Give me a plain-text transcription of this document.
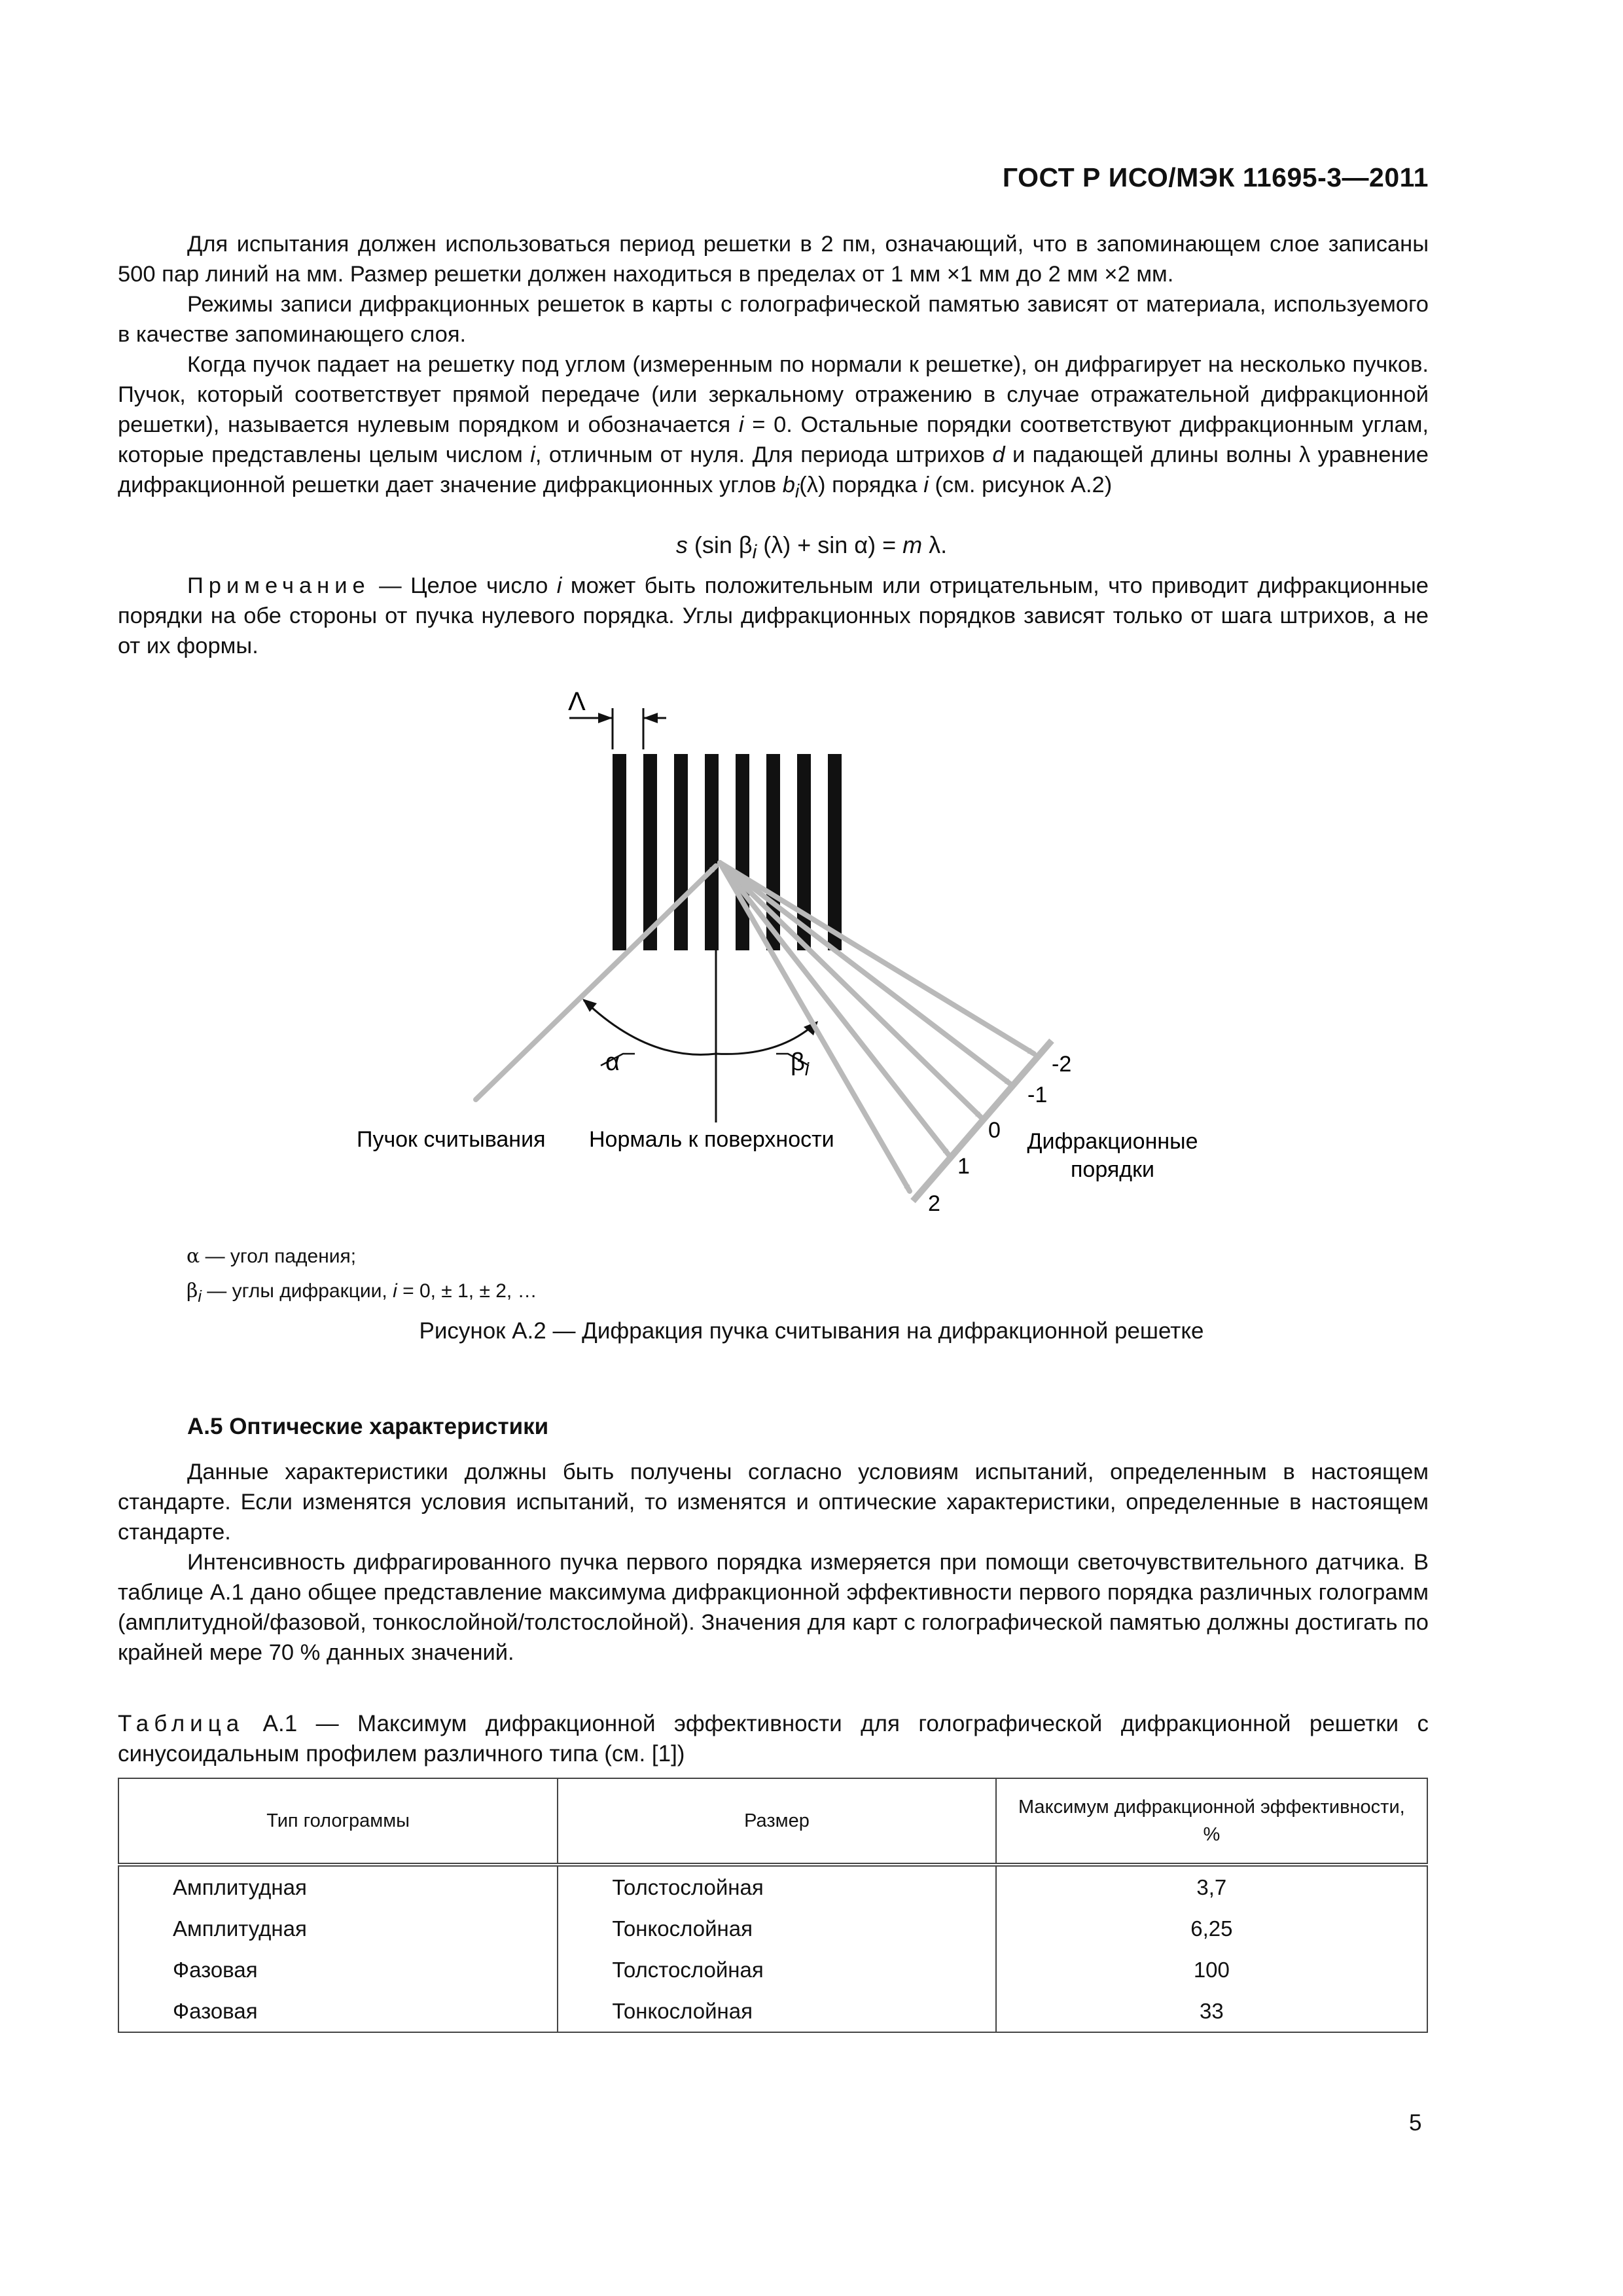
ГОСТ Р ИСО/МЭК 11695-3—2011

Для испытания должен использоваться период решетки в 2 пм, означающий, что в запоминающем слое записаны 500 пар линий на мм. Размер решетки должен находиться в пределах от 1 мм ×1 мм до 2 мм ×2 мм.

Режимы записи дифракционных решеток в карты с голографической памятью зависят от материала, используемого в качестве запоминающего слоя.

Когда пучок падает на решетку под углом (измеренным по нормали к решетке), он дифрагирует на несколько пучков. Пучок, который соответствует прямой передаче (или зеркальному отражению в случае отражательной дифракционной решетки), называется нулевым порядком и обозначается i = 0. Остальные порядки соответствуют дифракционным углам, которые представлены целым числом i, отличным от нуля. Для периода штрихов d и падающей длины волны λ уравнение дифракционной решетки дает значение дифракционных углов $b_i(\lambda)$ порядка i (см. рисунок А.2)

s (sin $\beta_i$ (λ) + sin α) = m λ.

Примечание — Целое число i может быть положительным или отрицательным, что приводит дифракционные порядки на обе стороны от пучка нулевого порядка. Углы дифракционных порядков зависят только от шага штрихов, а не от их формы.

Λ
α	$\beta_i$	-2
-1
0
1
2
Пучок считывания Нормаль к поверхности	Дифракционные
порядки
α — угол падения;
$\beta_i$ — углы дифракции, i = 0, ± 1, ± 2, …
Рисунок А.2 — Дифракция пучка считывания на дифракционной решетке
А.5 Оптические характеристики

Данные характеристики должны быть получены согласно условиям испытаний, определенным в настоящем стандарте. Если изменятся условия испытаний, то изменятся и оптические характеристики, определенные в настоящем стандарте.

Интенсивность дифрагированного пучка первого порядка измеряется при помощи светочувствительного датчика. В таблице А.1 дано общее представление максимума дифракционной эффективности первого порядка различных голограмм (амплитудной/фазовой, тонкослойной/толстослойной). Значения для карт с голографической памятью должны достигать по крайней мере 70 % данных значений.

Таблица А.1 — Максимум дифракционной эффективности для голографической дифракционной решетки с синусоидальным профилем различного типа (см. [1])

Тип голограммы	Размер	Максимум дифракционной эффективности, %
Амплитудная	Толстослойная	3,7
Амплитудная	Тонкослойная	6,25
Фазовая	Толстослойная	100
Фазовая	Тонкослойная	33
5
